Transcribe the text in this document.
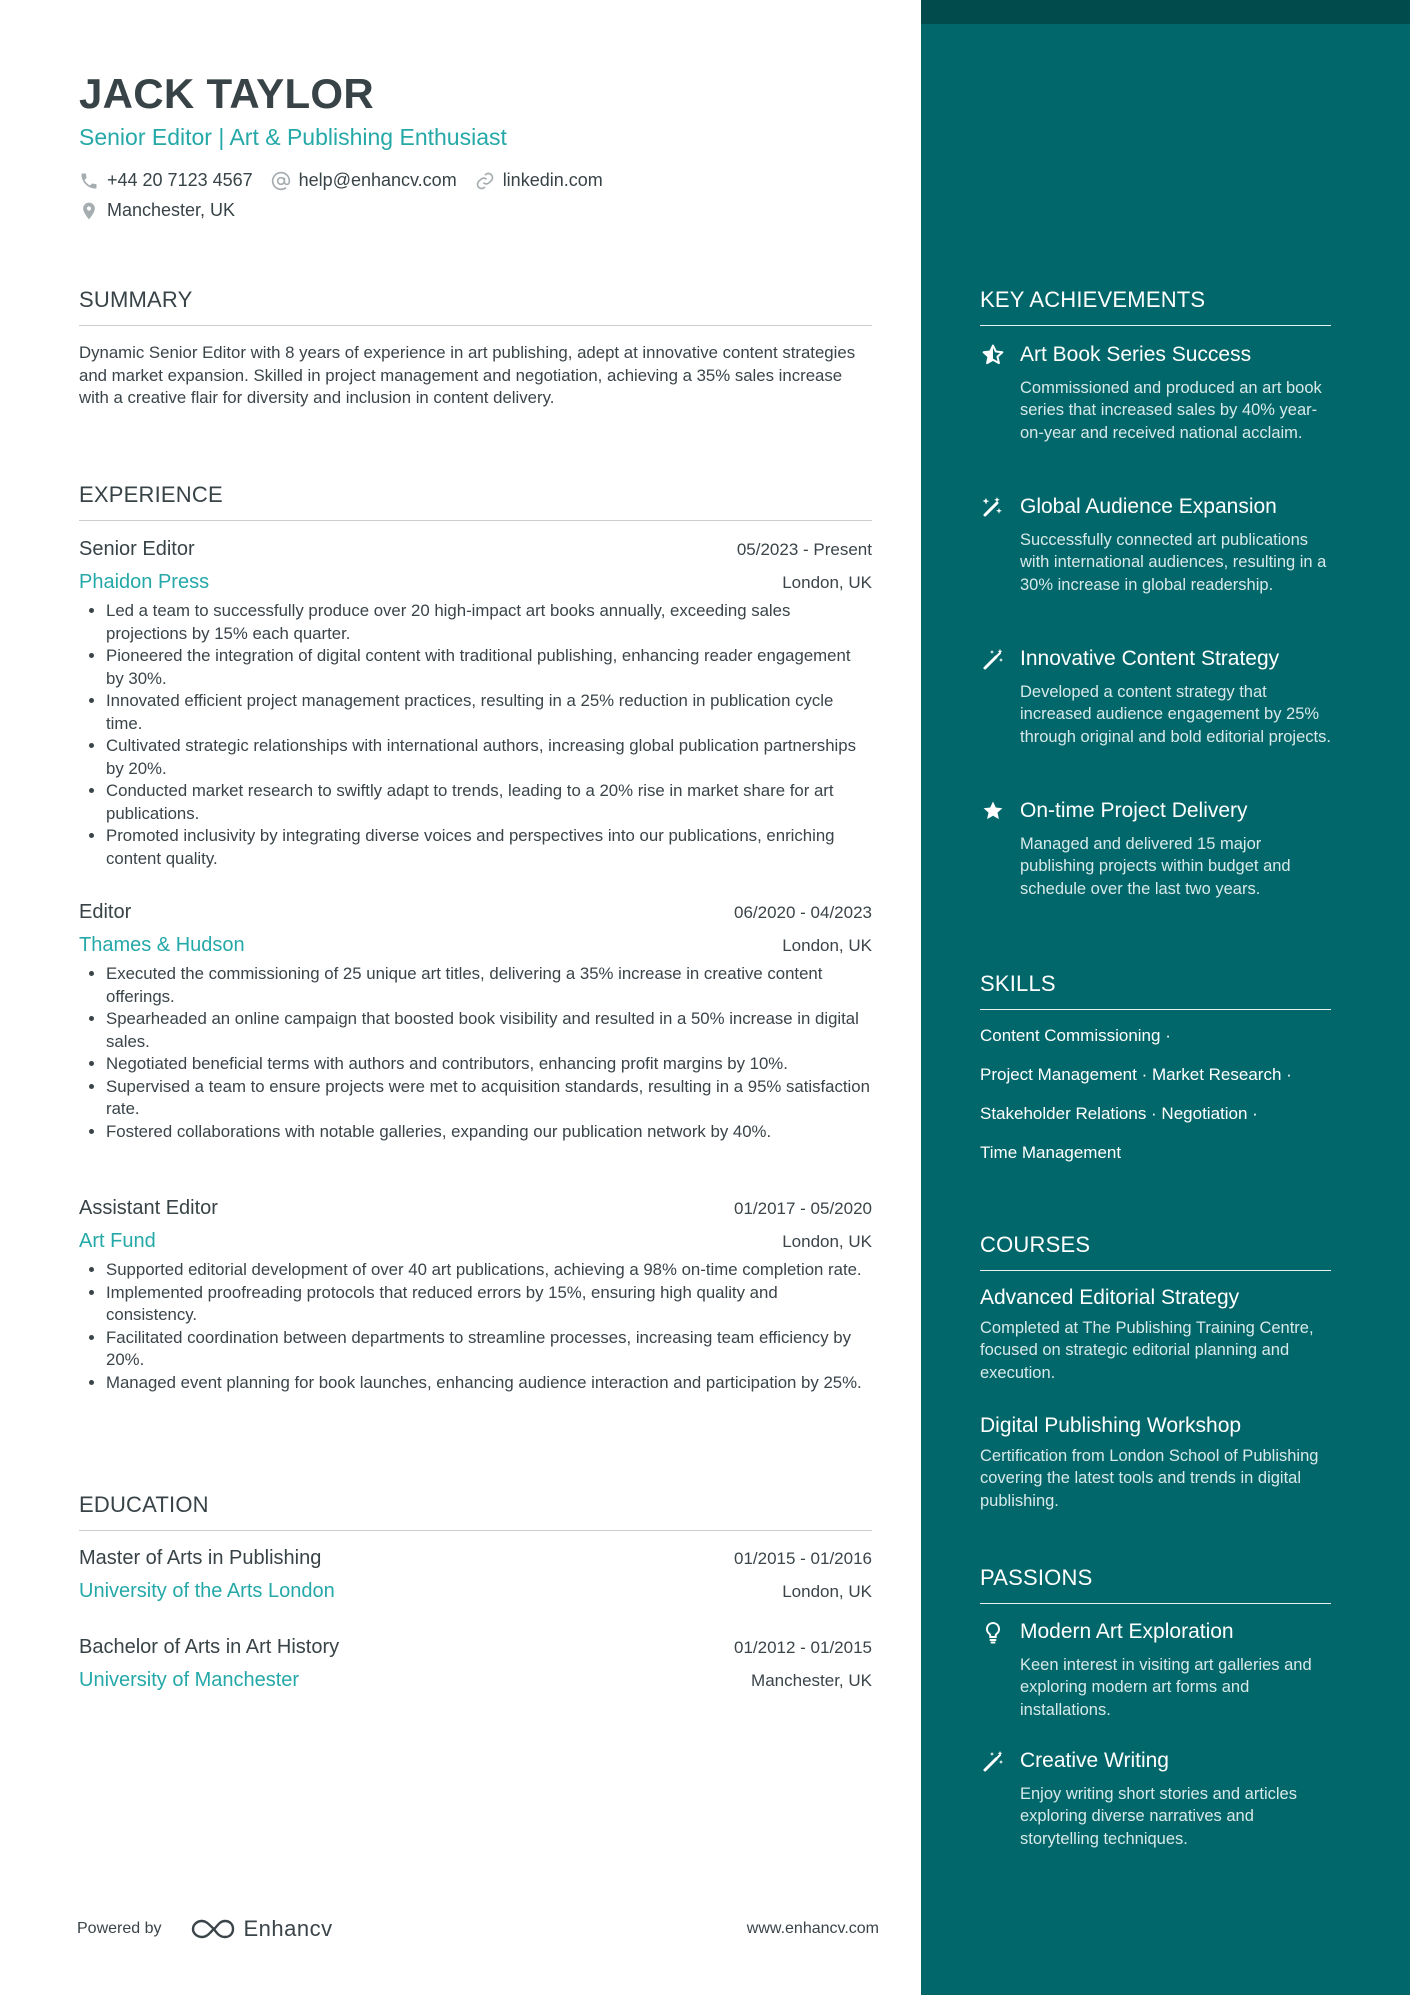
JACK TAYLOR
Senior Editor | Art & Publishing Enthusiast
+44 20 7123 4567	help@enhancv.com	linkedin.com
Manchester, UK
SUMMARY
Dynamic Senior Editor with 8 years of experience in art publishing, adept at innovative content strategies and market expansion. Skilled in project management and negotiation, achieving a 35% sales increase with a creative flair for diversity and inclusion in content delivery.
EXPERIENCE
Senior Editor	05/2023 - Present
Phaidon Press	London, UK
• Led a team to successfully produce over 20 high-impact art books annually, exceeding sales projections by 15% each quarter.
• Pioneered the integration of digital content with traditional publishing, enhancing reader engagement by 30%.
• Innovated efficient project management practices, resulting in a 25% reduction in publication cycle time.
• Cultivated strategic relationships with international authors, increasing global publication partnerships by 20%.
• Conducted market research to swiftly adapt to trends, leading to a 20% rise in market share for art publications.
• Promoted inclusivity by integrating diverse voices and perspectives into our publications, enriching content quality.
Editor	06/2020 - 04/2023
Thames & Hudson	London, UK
• Executed the commissioning of 25 unique art titles, delivering a 35% increase in creative content offerings.
• Spearheaded an online campaign that boosted book visibility and resulted in a 50% increase in digital sales.
• Negotiated beneficial terms with authors and contributors, enhancing profit margins by 10%.
• Supervised a team to ensure projects were met to acquisition standards, resulting in a 95% satisfaction rate.
• Fostered collaborations with notable galleries, expanding our publication network by 40%.
Assistant Editor	01/2017 - 05/2020
Art Fund	London, UK
• Supported editorial development of over 40 art publications, achieving a 98% on-time completion rate.
• Implemented proofreading protocols that reduced errors by 15%, ensuring high quality and consistency.
• Facilitated coordination between departments to streamline processes, increasing team efficiency by 20%.
• Managed event planning for book launches, enhancing audience interaction and participation by 25%.
EDUCATION
Master of Arts in Publishing	01/2015 - 01/2016
University of the Arts London	London, UK
Bachelor of Arts in Art History	01/2012 - 01/2015
University of Manchester	Manchester, UK
Powered by	Enhancv	www.enhancv.com
KEY ACHIEVEMENTS
Art Book Series Success
Commissioned and produced an art book series that increased sales by 40% year-on-year and received national acclaim.
Global Audience Expansion
Successfully connected art publications with international audiences, resulting in a 30% increase in global readership.
Innovative Content Strategy
Developed a content strategy that increased audience engagement by 25% through original and bold editorial projects.
On-time Project Delivery
Managed and delivered 15 major publishing projects within budget and schedule over the last two years.
SKILLS
Content Commissioning ·
Project Management · Market Research ·
Stakeholder Relations · Negotiation ·
Time Management
COURSES
Advanced Editorial Strategy
Completed at The Publishing Training Centre, focused on strategic editorial planning and execution.
Digital Publishing Workshop
Certification from London School of Publishing covering the latest tools and trends in digital publishing.
PASSIONS
Modern Art Exploration
Keen interest in visiting art galleries and exploring modern art forms and installations.
Creative Writing
Enjoy writing short stories and articles exploring diverse narratives and storytelling techniques.
